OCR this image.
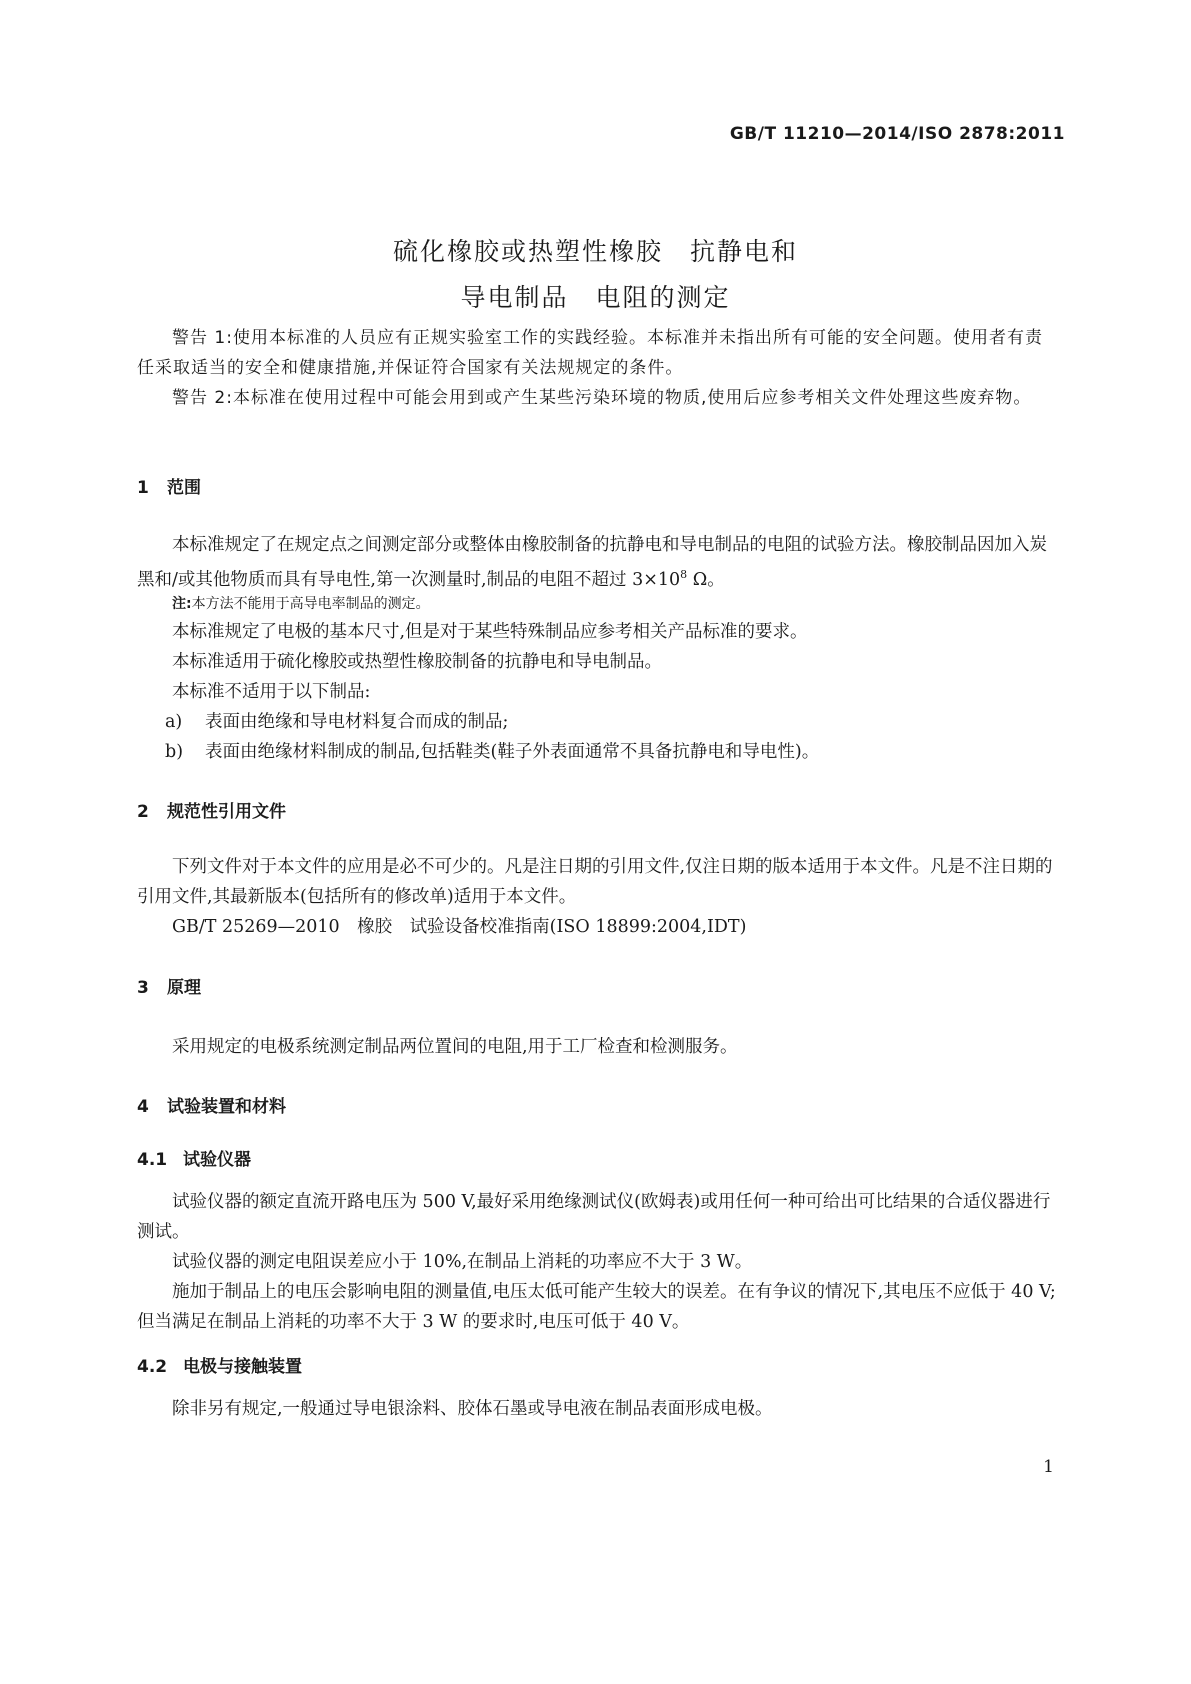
GB/T 11210—2014/ISO 2878:2011
硫化橡胶或热塑性橡胶　抗静电和
导电制品　电阻的测定

警告 1:使用本标准的人员应有正规实验室工作的实践经验。本标准并未指出所有可能的安全问题。使用者有责任采取适当的安全和健康措施,并保证符合国家有关法规规定的条件。

警告 2:本标准在使用过程中可能会用到或产生某些污染环境的物质,使用后应参考相关文件处理这些废弃物。

1 范围

本标准规定了在规定点之间测定部分或整体由橡胶制备的抗静电和导电制品的电阻的试验方法。橡胶制品因加入炭黑和/或其他物质而具有导电性,第一次测量时,制品的电阻不超过 $3\times 10^8$ Ω。

注:本方法不能用于高导电率制品的测定。

本标准规定了电极的基本尺寸,但是对于某些特殊制品应参考相关产品标准的要求。

本标准适用于硫化橡胶或热塑性橡胶制备的抗静电和导电制品。

本标准不适用于以下制品:

a) 表面由绝缘和导电材料复合而成的制品;

b) 表面由绝缘材料制成的制品,包括鞋类(鞋子外表面通常不具备抗静电和导电性)。

2 规范性引用文件

下列文件对于本文件的应用是必不可少的。凡是注日期的引用文件,仅注日期的版本适用于本文件。凡是不注日期的引用文件,其最新版本(包括所有的修改单)适用于本文件。

GB/T 25269—2010　橡胶　试验设备校准指南(ISO 18899:2004,IDT)

3 原理

采用规定的电极系统测定制品两位置间的电阻,用于工厂检查和检测服务。

4 试验装置和材料
4.1 试验仪器

试验仪器的额定直流开路电压为 500 V,最好采用绝缘测试仪(欧姆表)或用任何一种可给出可比结果的合适仪器进行测试。

试验仪器的测定电阻误差应小于 10%,在制品上消耗的功率应不大于 3 W。

施加于制品上的电压会影响电阻的测量值,电压太低可能产生较大的误差。在有争议的情况下,其电压不应低于 40 V;但当满足在制品上消耗的功率不大于 3 W 的要求时,电压可低于 40 V。

4.2 电极与接触装置

除非另有规定,一般通过导电银涂料、胶体石墨或导电液在制品表面形成电极。

1
